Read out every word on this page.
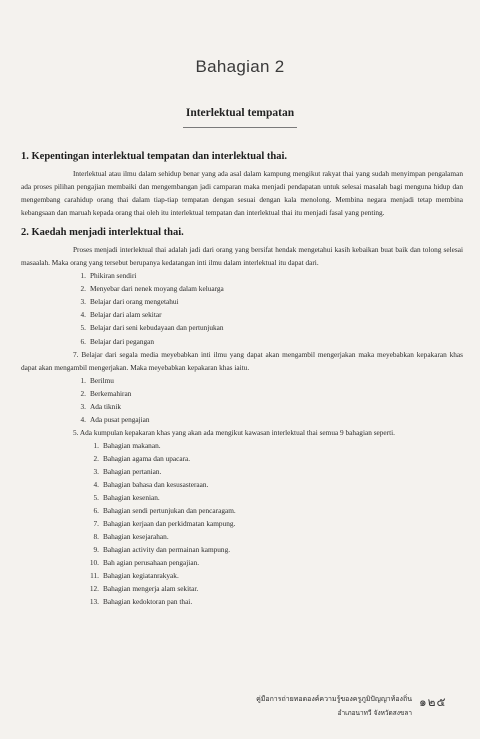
Bahagian 2
Interlektual tempatan
1. Kepentingan interlektual tempatan dan interlektual thai.

Interlektual atau ilmu dalam sehidup benar yang ada asal dalam kampung mengikut rakyat thai yang sudah menyimpan pengalaman ada proses pilihan pengajian membaiki dan mengembangan jadi camparan maka menjadi pendapatan untuk selesai masalah bagi menguna hidup dan mengembang carahidup orang thai dalam tiap-tiap tempatan dengan sesuai dengan kala menolong. Membina negara menjadi tetap membina kebangsaan dan maruah kepada orang thai oleh itu interlektual tempatan dan interlektual thai itu menjadi fasal yang penting.

2. Kaedah menjadi interlektual thai.

Proses menjadi interlektual thai adalah jadi dari orang yang bersifat hendak mengetahui kasih kebaikan buat baik dan tolong selesai masaalah. Maka orang yang tersebut berupanya kedatangan inti ilmu dalam interlektual itu dapat dari.

1. Phikiran sendiri
2. Menyebar dari nenek moyang dalam keluarga
3. Belajar dari orang mengetahui
4. Belajar dari alam sekitar
5. Belajar dari seni kebudayaan dan pertunjukan
6. Belajar dari pegangan

7. Belajar dari segala media meyebabkan inti ilmu yang dapat akan mengambil mengerjakan maka meyebabkan kepakaran khas dapat akan mengambil mengerjakan. Maka meyebabkan kepakaran khas iaitu.

1. Berilmu
2. Berkemahiran
3. Ada tiknik
4. Ada pusat pengajian

5. Ada kumpulan kepakaran khas yang akan ada mengikut kawasan interlektual thai semua 9 bahagian seperti.

1. Bahagian makanan.
2. Bahagian agama dan upacara.
3. Bahagian pertanian.
4. Bahagian bahasa dan kesusasteraan.
5. Bahagian kesenian.
6. Bahagian sendi pertunjukan dan pencaragam.
7. Bahagian kerjaan dan perkidmatan kampung.
8. Bahagian kesejarahan.
9. Bahagian activity dan permainan kampung.
10. Bah agian perusahaan pengajian.
11. Bahagian kegiatanrakyak.
12. Bahagian mengerja alam sekitar.
13. Bahagian kedoktoran pan thai.
คู่มือการถ่ายทอดองค์ความรู้ของครูภูมิปัญญาท้องถิ่น
อำเภอนาทวี จังหวัดสงขลา
๑๒๕
